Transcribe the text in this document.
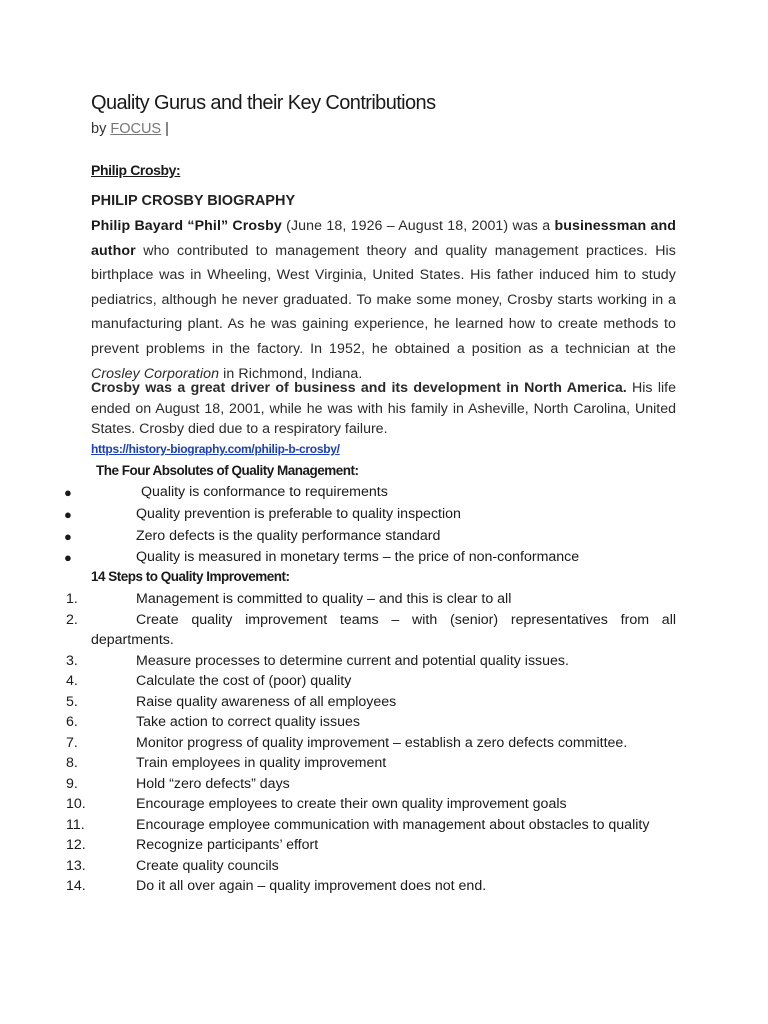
Quality Gurus and their Key Contributions
by FOCUS |
Philip Crosby:
PHILIP CROSBY BIOGRAPHY
Philip Bayard “Phil” Crosby (June 18, 1926 – August 18, 2001) was a businessman and author who contributed to management theory and quality management practices. His birthplace was in Wheeling, West Virginia, United States. His father induced him to study pediatrics, although he never graduated. To make some money, Crosby starts working in a manufacturing plant. As he was gaining experience, he learned how to create methods to prevent problems in the factory. In 1952, he obtained a position as a technician at the Crosley Corporation in Richmond, Indiana.
Crosby was a great driver of business and its development in North America. His life ended on August 18, 2001, while he was with his family in Asheville, North Carolina, United States. Crosby died due to a respiratory failure.
https://history-biography.com/philip-b-crosby/
The Four Absolutes of Quality Management:
●	Quality is conformance to requirements
●	Quality prevention is preferable to quality inspection
●	Zero defects is the quality performance standard
●	Quality is measured in monetary terms – the price of non-conformance
14 Steps to Quality Improvement:
1.	Management is committed to quality – and this is clear to all
2.	Create quality improvement teams – with (senior) representatives from all departments.
3.	Measure processes to determine current and potential quality issues.
4.	Calculate the cost of (poor) quality
5.	Raise quality awareness of all employees
6.	Take action to correct quality issues
7.	Monitor progress of quality improvement – establish a zero defects committee.
8.	Train employees in quality improvement
9.	Hold “zero defects” days
10.	Encourage employees to create their own quality improvement goals
11.	Encourage employee communication with management about obstacles to quality
12.	Recognize participants’ effort
13.	Create quality councils
14.	Do it all over again – quality improvement does not end.
